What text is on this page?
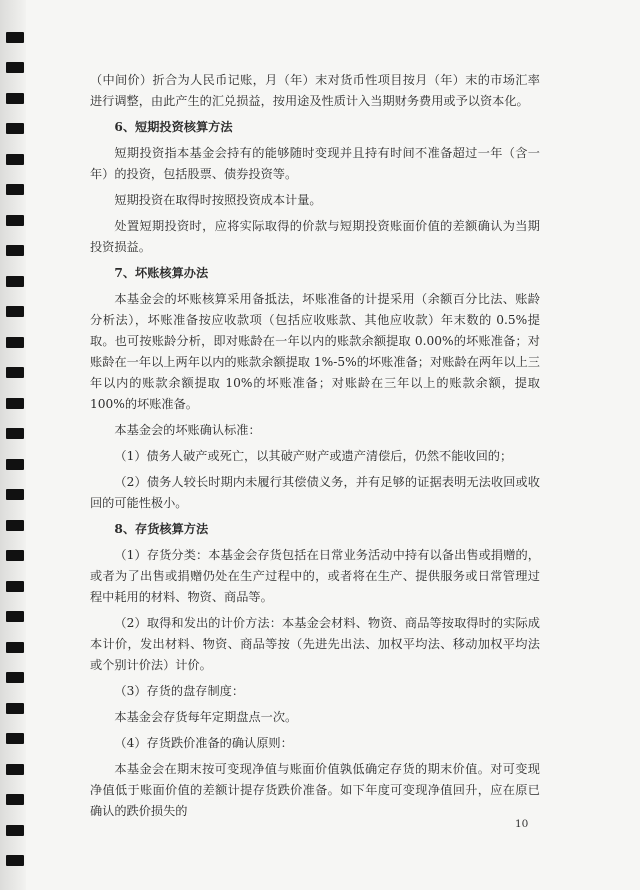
（中间价）折合为人民币记账，月（年）末对货币性项目按月（年）末的市场汇率进行调整，由此产生的汇兑损益，按用途及性质计入当期财务费用或予以资本化。

6、短期投资核算方法

短期投资指本基金会持有的能够随时变现并且持有时间不准备超过一年（含一年）的投资，包括股票、债券投资等。

短期投资在取得时按照投资成本计量。

处置短期投资时，应将实际取得的价款与短期投资账面价值的差额确认为当期投资损益。

7、坏账核算办法

本基金会的坏账核算采用备抵法，坏账准备的计提采用（余额百分比法、账龄分析法），坏账准备按应收款项（包括应收账款、其他应收款）年末数的 0.5%提取。也可按账龄分析，即对账龄在一年以内的账款余额提取 0.00%的坏账准备；对账龄在一年以上两年以内的账款余额提取 1%-5%的坏账准备；对账龄在两年以上三年以内的账款余额提取 10%的坏账准备；对账龄在三年以上的账款余额，提取 100%的坏账准备。

本基金会的坏账确认标准：

（1）债务人破产或死亡，以其破产财产或遗产清偿后，仍然不能收回的；

（2）债务人较长时期内未履行其偿债义务，并有足够的证据表明无法收回或收回的可能性极小。

8、存货核算方法

（1）存货分类：本基金会存货包括在日常业务活动中持有以备出售或捐赠的，或者为了出售或捐赠仍处在生产过程中的，或者将在生产、提供服务或日常管理过程中耗用的材料、物资、商品等。

（2）取得和发出的计价方法：本基金会材料、物资、商品等按取得时的实际成本计价，发出材料、物资、商品等按（先进先出法、加权平均法、移动加权平均法或个别计价法）计价。

（3）存货的盘存制度：

本基金会存货每年定期盘点一次。

（4）存货跌价准备的确认原则：

本基金会在期末按可变现净值与账面价值孰低确定存货的期末价值。对可变现净值低于账面价值的差额计提存货跌价准备。如下年度可变现净值回升，应在原已确认的跌价损失的

10
